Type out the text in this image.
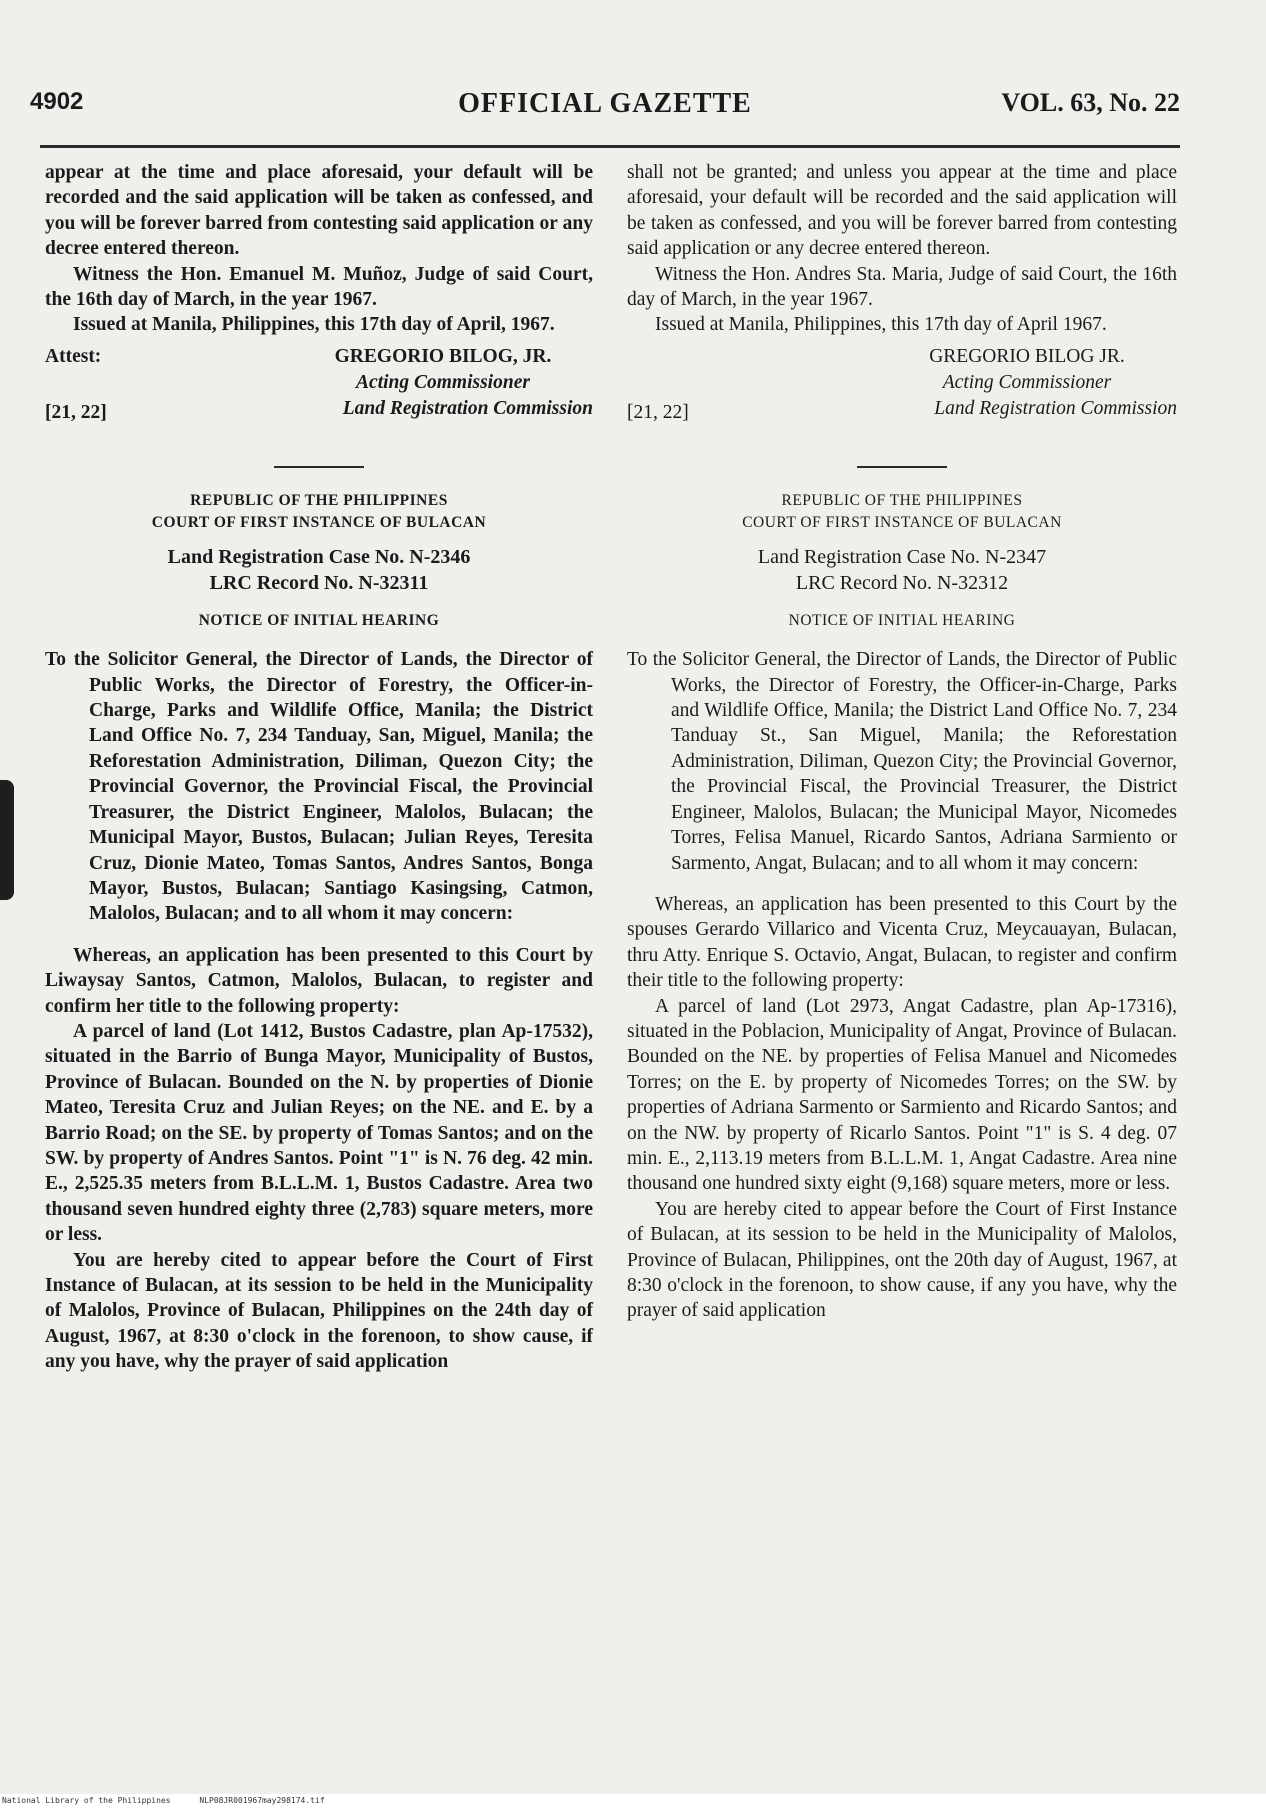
4902	OFFICIAL GAZETTE	VOL. 63, No. 22

appear at the time and place aforesaid, your default will be recorded and the said application will be taken as confessed, and you will be forever barred from contesting said application or any decree entered thereon.

Witness the Hon. Emanuel M. Muñoz, Judge of said Court, the 16th day of March, in the year 1967.

Issued at Manila, Philippines, this 17th day of April, 1967.

Attest:	GREGORIO BILOG, JR.
Acting Commissioner
[21, 22]	Land Registration Commission
REPUBLIC OF THE PHILIPPINES
COURT OF FIRST INSTANCE OF BULACAN
Land Registration Case No. N-2346
LRC Record No. N-32311
NOTICE OF INITIAL HEARING

To the Solicitor General, the Director of Lands, the Director of Public Works, the Director of Forestry, the Officer-in-Charge, Parks and Wildlife Office, Manila; the District Land Office No. 7, 234 Tanduay, San, Miguel, Manila; the Reforestation Administration, Diliman, Quezon City; the Provincial Governor, the Provincial Fiscal, the Provincial Treasurer, the District Engineer, Malolos, Bulacan; the Municipal Mayor, Bustos, Bulacan; Julian Reyes, Teresita Cruz, Dionie Mateo, Tomas Santos, Andres Santos, Bonga Mayor, Bustos, Bulacan; Santiago Kasingsing, Catmon, Malolos, Bulacan; and to all whom it may concern:

Whereas, an application has been presented to this Court by Liwaysay Santos, Catmon, Malolos, Bulacan, to register and confirm her title to the following property:

A parcel of land (Lot 1412, Bustos Cadastre, plan Ap-17532), situated in the Barrio of Bunga Mayor, Municipality of Bustos, Province of Bulacan. Bounded on the N. by properties of Dionie Mateo, Teresita Cruz and Julian Reyes; on the NE. and E. by a Barrio Road; on the SE. by property of Tomas Santos; and on the SW. by property of Andres Santos. Point "1" is N. 76 deg. 42 min. E., 2,525.35 meters from B.L.L.M. 1, Bustos Cadastre. Area two thousand seven hundred eighty three (2,783) square meters, more or less.

You are hereby cited to appear before the Court of First Instance of Bulacan, at its session to be held in the Municipality of Malolos, Province of Bulacan, Philippines on the 24th day of August, 1967, at 8:30 o'clock in the forenoon, to show cause, if any you have, why the prayer of said application

shall not be granted; and unless you appear at the time and place aforesaid, your default will be recorded and the said application will be taken as confessed, and you will be forever barred from contesting said application or any decree entered thereon.

Witness the Hon. Andres Sta. Maria, Judge of said Court, the 16th day of March, in the year 1967.

Issued at Manila, Philippines, this 17th day of April 1967.

GREGORIO BILOG JR.
Acting Commissioner
[21, 22]	Land Registration Commission
REPUBLIC OF THE PHILIPPINES
COURT OF FIRST INSTANCE OF BULACAN
Land Registration Case No. N-2347
LRC Record No. N-32312
NOTICE OF INITIAL HEARING

To the Solicitor General, the Director of Lands, the Director of Public Works, the Director of Forestry, the Officer-in-Charge, Parks and Wildlife Office, Manila; the District Land Office No. 7, 234 Tanduay St., San Miguel, Manila; the Reforestation Administration, Diliman, Quezon City; the Provincial Governor, the Provincial Fiscal, the Provincial Treasurer, the District Engineer, Malolos, Bulacan; the Municipal Mayor, Nicomedes Torres, Felisa Manuel, Ricardo Santos, Adriana Sarmiento or Sarmento, Angat, Bulacan; and to all whom it may concern:

Whereas, an application has been presented to this Court by the spouses Gerardo Villarico and Vicenta Cruz, Meycauayan, Bulacan, thru Atty. Enrique S. Octavio, Angat, Bulacan, to register and confirm their title to the following property:

A parcel of land (Lot 2973, Angat Cadastre, plan Ap-17316), situated in the Poblacion, Municipality of Angat, Province of Bulacan. Bounded on the NE. by properties of Felisa Manuel and Nicomedes Torres; on the E. by property of Nicomedes Torres; on the SW. by properties of Adriana Sarmento or Sarmiento and Ricardo Santos; and on the NW. by property of Ricarlo Santos. Point "1" is S. 4 deg. 07 min. E., 2,113.19 meters from B.L.L.M. 1, Angat Cadastre. Area nine thousand one hundred sixty eight (9,168) square meters, more or less.

You are hereby cited to appear before the Court of First Instance of Bulacan, at its session to be held in the Municipality of Malolos, Province of Bulacan, Philippines, ont the 20th day of August, 1967, at 8:30 o'clock in the forenoon, to show cause, if any you have, why the prayer of said application

National Library of the Philippines	NLP08JR001967may298174.tif
